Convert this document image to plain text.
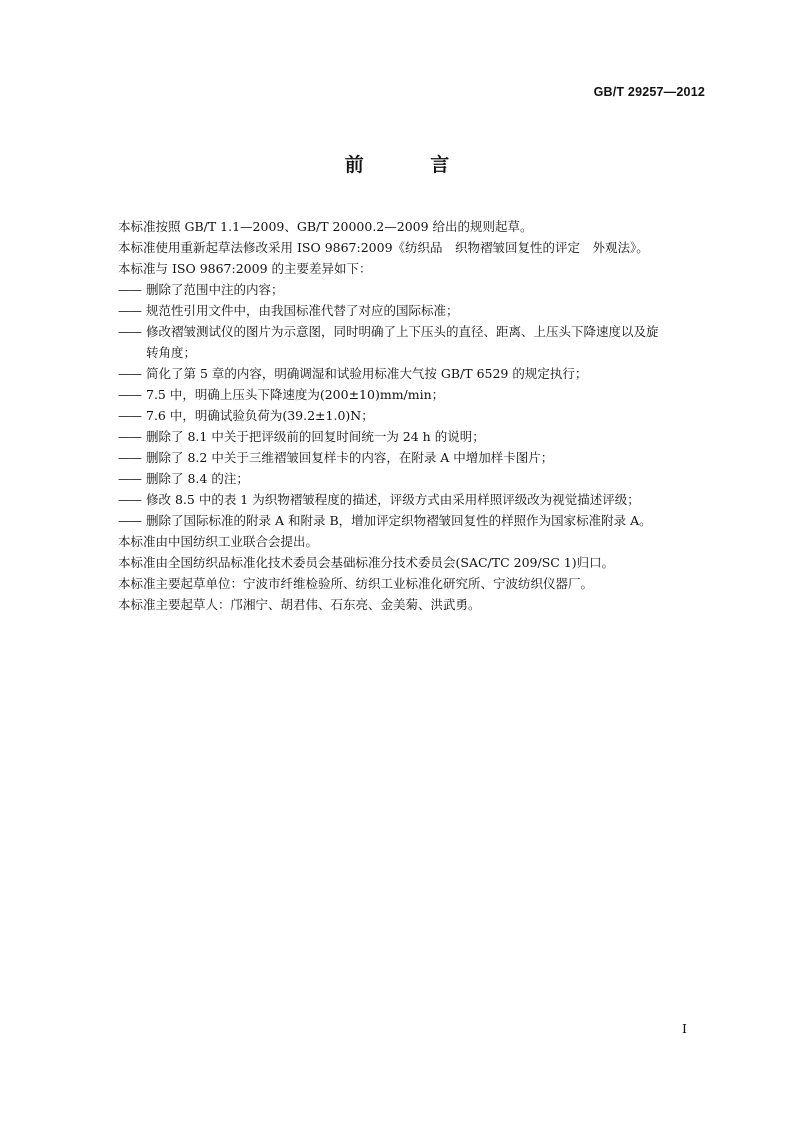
GB/T 29257—2012
前 言

本标准按照 GB/T 1.1—2009、GB/T 20000.2—2009 给出的规则起草。

本标准使用重新起草法修改采用 ISO 9867:2009《纺织品　织物褶皱回复性的评定　外观法》。

本标准与 ISO 9867:2009 的主要差异如下：

—— 删除了范围中注的内容；

—— 规范性引用文件中，由我国标准代替了对应的国际标准；

—— 修改褶皱测试仪的图片为示意图，同时明确了上下压头的直径、距离、上压头下降速度以及旋
转角度；

—— 简化了第 5 章的内容，明确调湿和试验用标准大气按 GB/T 6529 的规定执行；

—— 7.5 中，明确上压头下降速度为(200±10)mm/min；

—— 7.6 中，明确试验负荷为(39.2±1.0)N；

—— 删除了 8.1 中关于把评级前的回复时间统一为 24 h 的说明；

—— 删除了 8.2 中关于三维褶皱回复样卡的内容，在附录 A 中增加样卡图片；

—— 删除了 8.4 的注；

—— 修改 8.5 中的表 1 为织物褶皱程度的描述，评级方式由采用样照评级改为视觉描述评级；

—— 删除了国际标准的附录 A 和附录 B，增加评定织物褶皱回复性的样照作为国家标准附录 A。

本标准由中国纺织工业联合会提出。

本标准由全国纺织品标准化技术委员会基础标准分技术委员会(SAC/TC 209/SC 1)归口。

本标准主要起草单位：宁波市纤维检验所、纺织工业标准化研究所、宁波纺织仪器厂。

本标准主要起草人：邝湘宁、胡君伟、石东亮、金美菊、洪武勇。

I
